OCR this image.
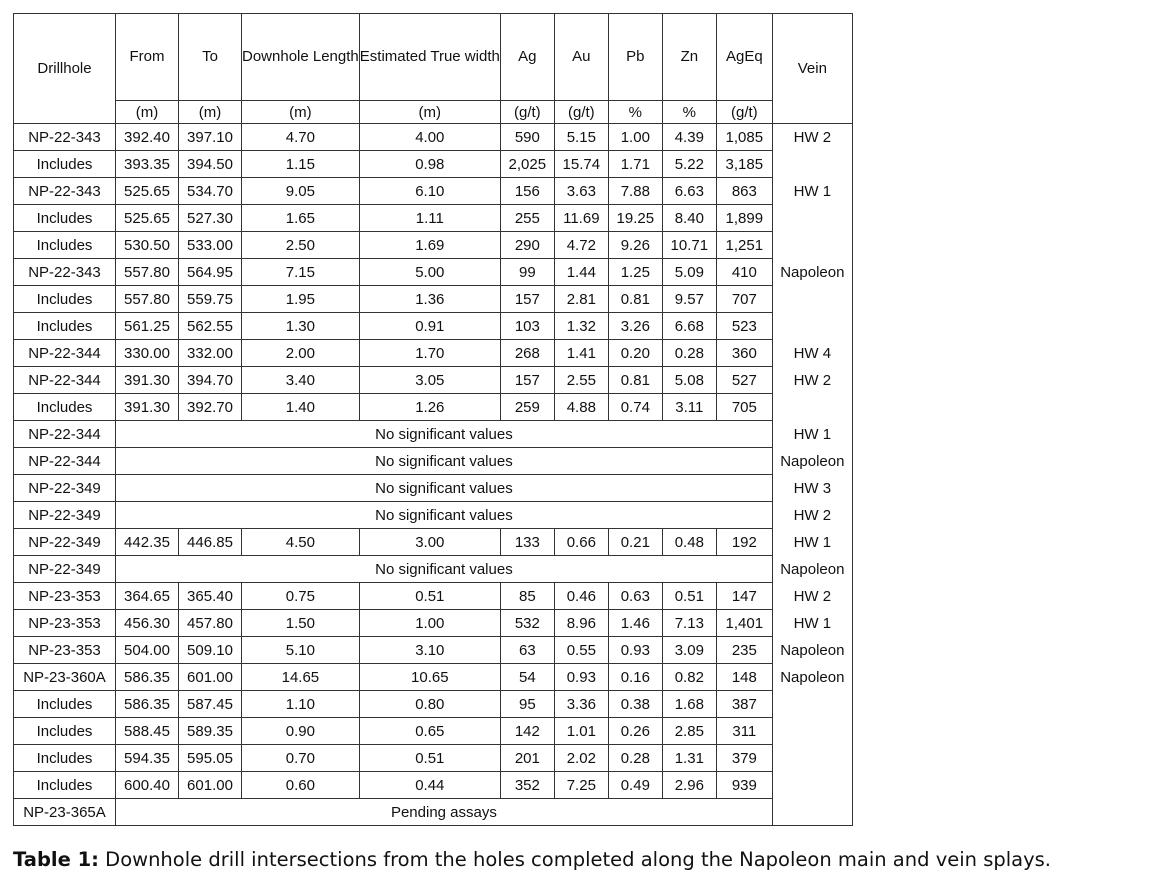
Drillhole	From	To	Downhole Length	Estimated True width	Ag	Au	Pb	Zn	AgEq	Vein
	(m)	(m)	(m)	(m)	(g/t)	(g/t)	%	%	(g/t)	
NP-22-343	392.40	397.10	4.70	4.00	590	5.15	1.00	4.39	1,085	HW 2
Includes	393.35	394.50	1.15	0.98	2,025	15.74	1.71	5.22	3,185	
NP-22-343	525.65	534.70	9.05	6.10	156	3.63	7.88	6.63	863	HW 1
Includes	525.65	527.30	1.65	1.11	255	11.69	19.25	8.40	1,899	
Includes	530.50	533.00	2.50	1.69	290	4.72	9.26	10.71	1,251	
NP-22-343	557.80	564.95	7.15	5.00	99	1.44	1.25	5.09	410	Napoleon
Includes	557.80	559.75	1.95	1.36	157	2.81	0.81	9.57	707	
Includes	561.25	562.55	1.30	0.91	103	1.32	3.26	6.68	523	
NP-22-344	330.00	332.00	2.00	1.70	268	1.41	0.20	0.28	360	HW 4
NP-22-344	391.30	394.70	3.40	3.05	157	2.55	0.81	5.08	527	HW 2
Includes	391.30	392.70	1.40	1.26	259	4.88	0.74	3.11	705	
NP-22-344	No significant values									HW 1
NP-22-344	No significant values									Napoleon
NP-22-349	No significant values									HW 3
NP-22-349	No significant values									HW 2
NP-22-349	442.35	446.85	4.50	3.00	133	0.66	0.21	0.48	192	HW 1
NP-22-349	No significant values									Napoleon
NP-23-353	364.65	365.40	0.75	0.51	85	0.46	0.63	0.51	147	HW 2
NP-23-353	456.30	457.80	1.50	1.00	532	8.96	1.46	7.13	1,401	HW 1
NP-23-353	504.00	509.10	5.10	3.10	63	0.55	0.93	3.09	235	Napoleon
NP-23-360A	586.35	601.00	14.65	10.65	54	0.93	0.16	0.82	148	Napoleon
Includes	586.35	587.45	1.10	0.80	95	3.36	0.38	1.68	387	
Includes	588.45	589.35	0.90	0.65	142	1.01	0.26	2.85	311	
Includes	594.35	595.05	0.70	0.51	201	2.02	0.28	1.31	379	
Includes	600.40	601.00	0.60	0.44	352	7.25	0.49	2.96	939	
NP-23-365A	Pending assays									
Table 1: Downhole drill intersections from the holes completed along the Napoleon main and vein splays.
